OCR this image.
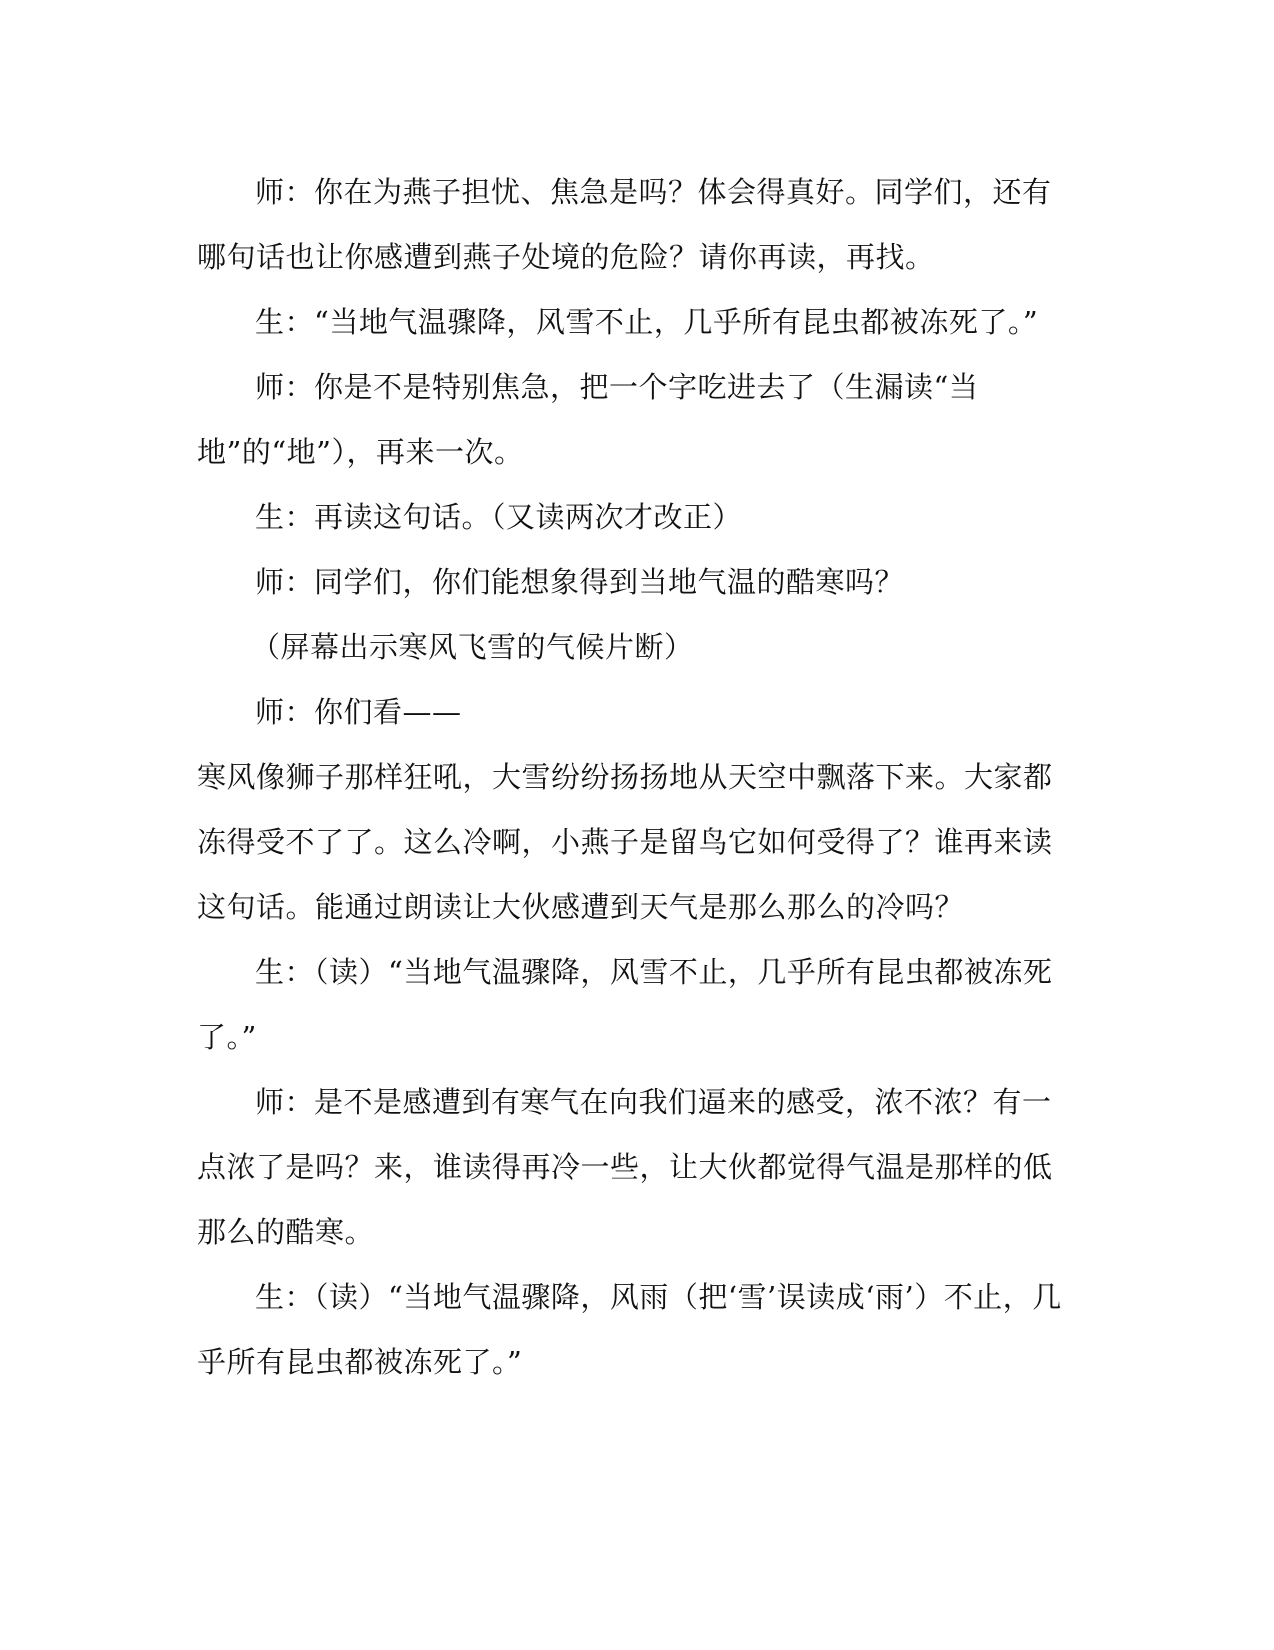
师：你在为燕子担忧、焦急是吗？体会得真好。同学们，还有哪句话也让你感遭到燕子处境的危险？请你再读，再找。

生：“当地气温骤降，风雪不止，几乎所有昆虫都被冻死了。”

师：你是不是特别焦急，把一个字吃进去了（生漏读“当地”的“地”），再来一次。

生：再读这句话。（又读两次才改正）

师：同学们，你们能想象得到当地气温的酷寒吗？

（屏幕出示寒风飞雪的气候片断）

师：你们看——

寒风像狮子那样狂吼，大雪纷纷扬扬地从天空中飘落下来。大家都冻得受不了了。这么冷啊，小燕子是留鸟它如何受得了？谁再来读这句话。能通过朗读让大伙感遭到天气是那么那么的冷吗？

生：（读）“当地气温骤降，风雪不止，几乎所有昆虫都被冻死了。”

师：是不是感遭到有寒气在向我们逼来的感受，浓不浓？有一点浓了是吗？来，谁读得再冷一些，让大伙都觉得气温是那样的低那么的酷寒。

生：（读）“当地气温骤降，风雨（把‘雪’误读成‘雨’）不止，几乎所有昆虫都被冻死了。”
